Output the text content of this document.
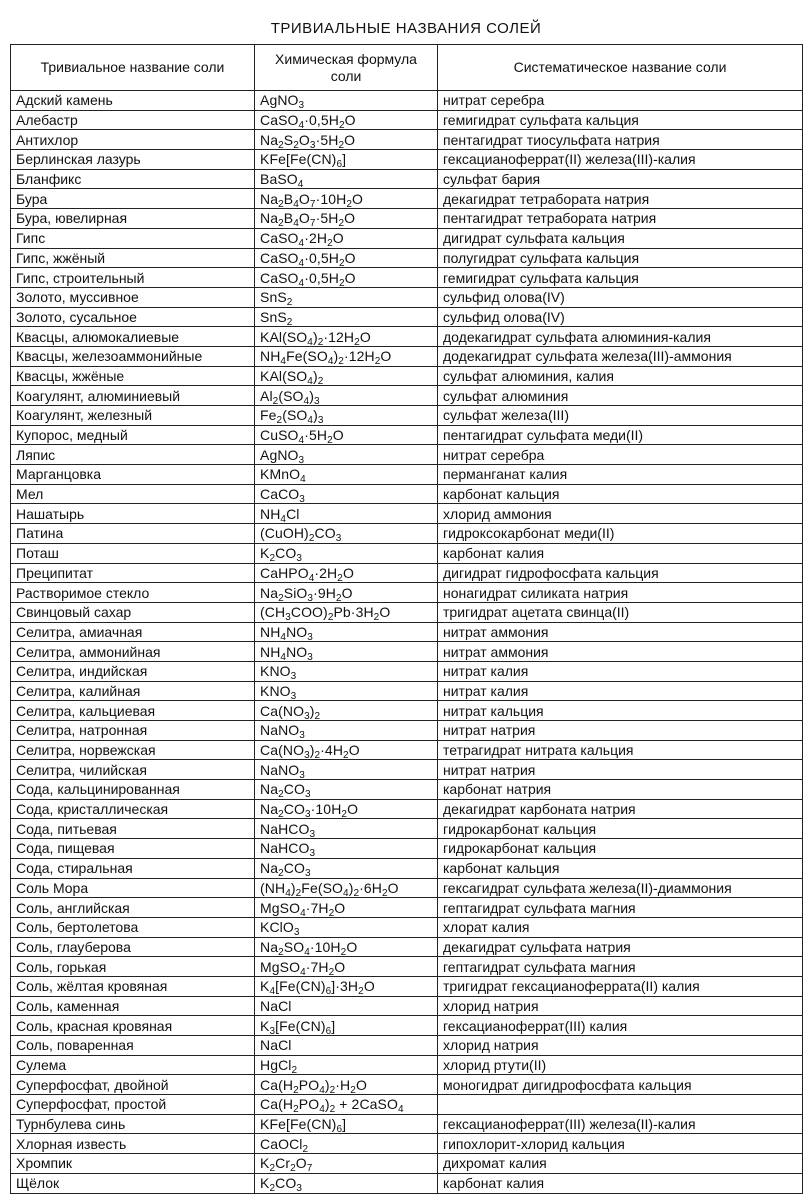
ТРИВИАЛЬНЫЕ НАЗВАНИЯ СОЛЕЙ
Тривиальное название соли	Химическая формула соли	Систематическое название соли
Адский камень	AgNO$_3$	нитрат серебра
Алебастр	$CaSO_4\cdot 0,5H_2O$	гемигидрат сульфата кальция
Антихлор	$Na_2S_2O_3\cdot 5H_2O$	пентагидрат тиосульфата натрия
Берлинская лазурь	$KFe[Fe(CN)_6]$	гексацианоферрат(II) железа(III)-калия
Бланфикс	BaSO$_4$	сульфат бария
Бура	$Na_2B_4O_7\cdot 10H_2O$	декагидрат тетрабората натрия
Бура, ювелирная	$Na_2B_4O_7\cdot 5H_2O$	пентагидрат тетрабората натрия
Гипс	$CaSO_4\cdot 2H_2O$	дигидрат сульфата кальция
Гипс, жжёный	$CaSO_4\cdot 0,5H_2O$	полугидрат сульфата кальция
Гипс, строительный	$CaSO_4\cdot 0,5H_2O$	гемигидрат сульфата кальция
Золото, муссивное	SnS$_2$	сульфид олова(IV)
Золото, сусальное	SnS$_2$	сульфид олова(IV)
Квасцы, алюмокалиевые	$KAl(SO_4)_2\cdot 12H_2O$	додекагидрат сульфата алюминия-калия
Квасцы, железоаммонийные	$NH_4Fe(SO_4)_2\cdot 12H_2O$	додекагидрат сульфата железа(III)-аммония
Квасцы, жжёные	$KAl(SO_4)_2$	сульфат алюминия, калия
Коагулянт, алюминиевый	$Al_2(SO_4)_3$	сульфат алюминия
Коагулянт, железный	$Fe_2(SO_4)_3$	сульфат железа(III)
Купорос, медный	$CuSO_4\cdot 5H_2O$	пентагидрат сульфата меди(II)
Ляпис	AgNO$_3$	нитрат серебра
Марганцовка	KMnO$_4$	перманганат калия
Мел	CaCO$_3$	карбонат кальция
Нашатырь	$NH_4Cl$	хлорид аммония
Патина	$(CuOH)_2CO_3$	гидроксокарбонат меди(II)
Поташ	$K_2CO_3$	карбонат калия
Преципитат	$CaHPO_4\cdot 2H_2O$	дигидрат гидрофосфата кальция
Растворимое стекло	$Na_2SiO_3\cdot 9H_2O$	нонагидрат силиката натрия
Свинцовый сахар	$(CH_3COO)_2Pb\cdot 3H_2O$	тригидрат ацетата свинца(II)
Селитра, амиачная	$NH_4NO_3$	нитрат аммония
Селитра, аммонийная	$NH_4NO_3$	нитрат аммония
Селитра, индийская	$KNO_3$	нитрат калия
Селитра, калийная	$KNO_3$	нитрат калия
Селитра, кальциевая	$Ca(NO_3)_2$	нитрат кальция
Селитра, натронная	NaNO$_3$	нитрат натрия
Селитра, норвежская	$Ca(NO_3)_2\cdot 4H_2O$	тетрагидрат нитрата кальция
Селитра, чилийская	NaNO$_3$	нитрат натрия
Сода, кальцинированная	$Na_2CO_3$	карбонат натрия
Сода, кристаллическая	$Na_2CO_3\cdot 10H_2O$	декагидрат карбоната натрия
Сода, питьевая	NaHCO$_3$	гидрокарбонат кальция
Сода, пищевая	NaHCO$_3$	гидрокарбонат кальция
Сода, стиральная	$Na_2CO_3$	карбонат кальция
Соль Мора	$(NH_4)_2Fe(SO_4)_2\cdot 6H_2O$	гексагидрат сульфата железа(II)-диаммония
Соль, английская	$MgSO_4\cdot 7H_2O$	гептагидрат сульфата магния
Соль, бертолетова	KClO$_3$	хлорат калия
Соль, глауберова	$Na_2SO_4\cdot 10H_2O$	декагидрат сульфата натрия
Соль, горькая	$MgSO_4\cdot 7H_2O$	гептагидрат сульфата магния
Соль, жёлтая кровяная	$K_4[Fe(CN)_6]\cdot 3H_2O$	тригидрат гексацианоферрата(II) калия
Соль, каменная	NaCl	хлорид натрия
Соль, красная кровяная	$K_3[Fe(CN)_6]$	гексацианоферрат(III) калия
Соль, поваренная	NaCl	хлорид натрия
Сулема	HgCl$_2$	хлорид ртути(II)
Суперфосфат, двойной	$Ca(H_2PO_4)_2\cdot H_2O$	моногидрат дигидрофосфата кальция
Суперфосфат, простой	$Ca(H_2PO_4)_2$ + 2CaSO$_4$	
Турнбулева синь	$KFe[Fe(CN)_6]$	гексацианоферрат(III) железа(II)-калия
Хлорная известь	CaOCl$_2$	гипохлорит-хлорид кальция
Хромпик	$K_2Cr_2O_7$	дихромат калия
Щёлок	$K_2CO_3$	карбонат калия
